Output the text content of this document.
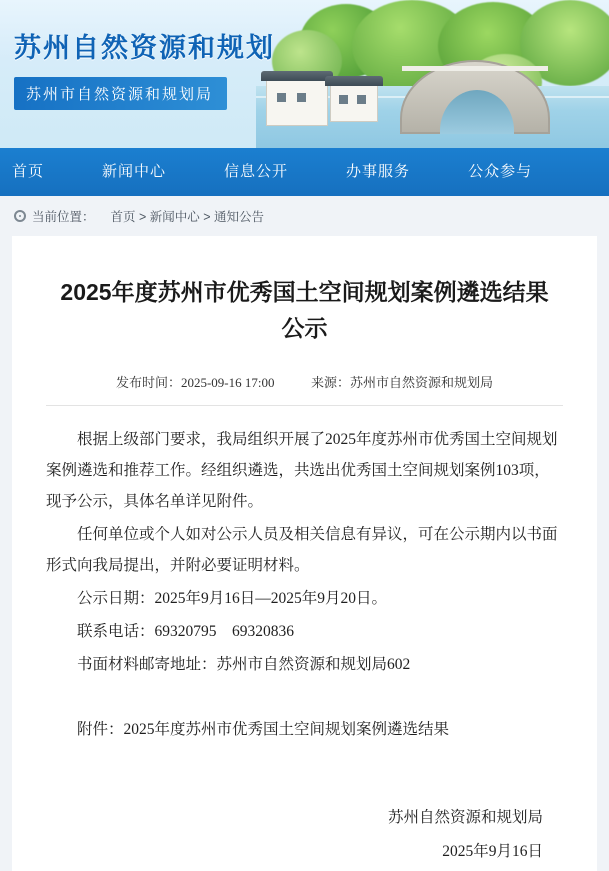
苏州自然资源和规划
苏州市自然资源和规划局
首页	新闻中心	信息公开	办事服务	公众参与
当前位置： 首页 > 新闻中心 > 通知公告
2025年度苏州市优秀国土空间规划案例遴选结果公示
发布时间：2025-09-16 17:00	来源：苏州市自然资源和规划局

根据上级部门要求，我局组织开展了2025年度苏州市优秀国土空间规划案例遴选和推荐工作。经组织遴选，共选出优秀国土空间规划案例103项，现予公示，具体名单详见附件。

任何单位或个人如对公示人员及相关信息有异议，可在公示期内以书面形式向我局提出，并附必要证明材料。

公示日期：2025年9月16日—2025年9月20日。

联系电话：69320795　69320836

书面材料邮寄地址：苏州市自然资源和规划局602

附件：2025年度苏州市优秀国土空间规划案例遴选结果

苏州自然资源和规划局
2025年9月16日
